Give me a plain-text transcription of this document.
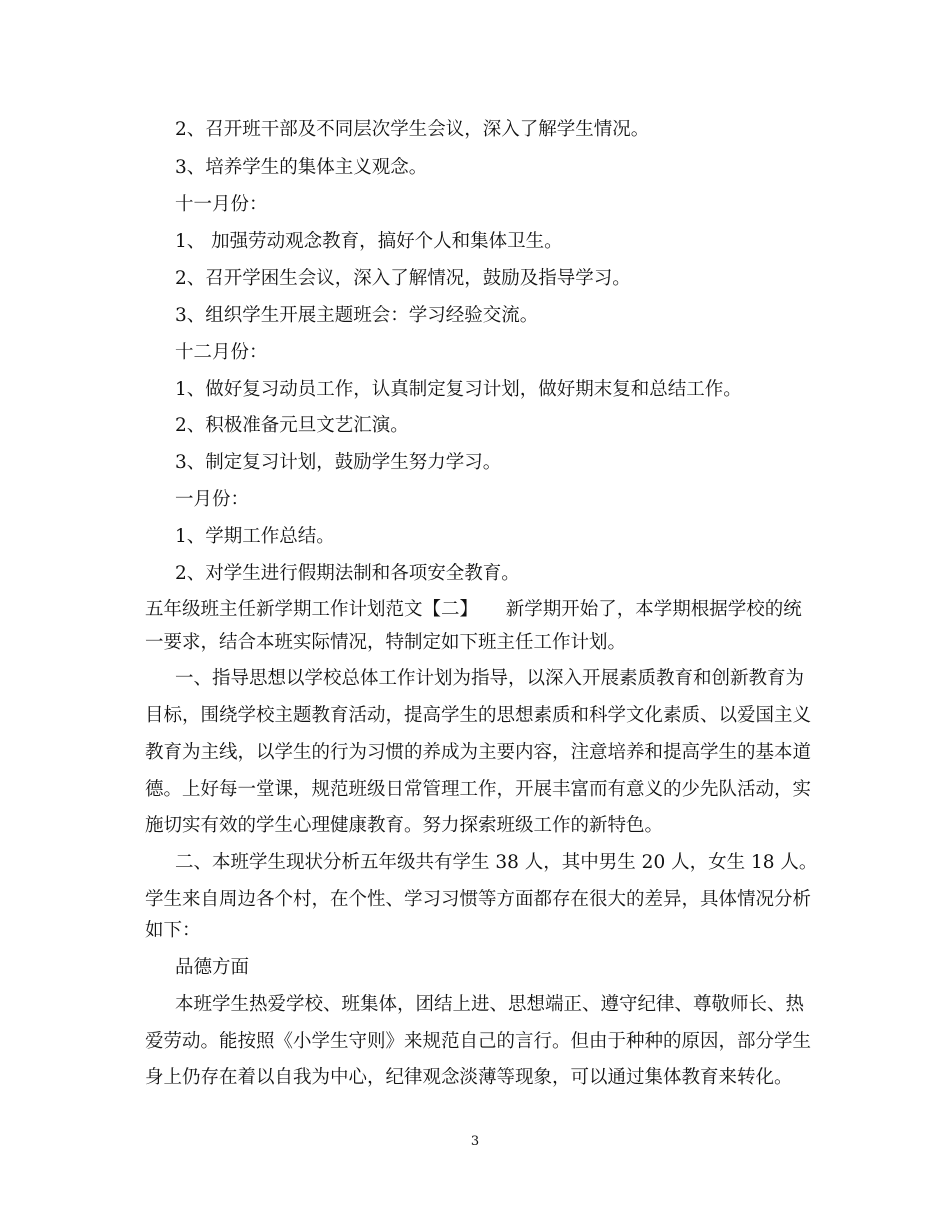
2、召开班干部及不同层次学生会议，深入了解学生情况。
3、培养学生的集体主义观念。
十一月份：
1、 加强劳动观念教育，搞好个人和集体卫生。
2、召开学困生会议，深入了解情况，鼓励及指导学习。
3、组织学生开展主题班会：学习经验交流。
十二月份：
1、做好复习动员工作，认真制定复习计划，做好期末复和总结工作。
2、积极准备元旦文艺汇演。
3、制定复习计划，鼓励学生努力学习。
一月份：
1、学期工作总结。
2、对学生进行假期法制和各项安全教育。
五年级班主任新学期工作计划范文【二】　　新学期开始了，本学期根据学校的统
一要求，结合本班实际情况，特制定如下班主任工作计划。
一、指导思想以学校总体工作计划为指导，以深入开展素质教育和创新教育为
目标，围绕学校主题教育活动，提高学生的思想素质和科学文化素质、以爱国主义
教育为主线，以学生的行为习惯的养成为主要内容，注意培养和提高学生的基本道
德。上好每一堂课，规范班级日常管理工作，开展丰富而有意义的少先队活动，实
施切实有效的学生心理健康教育。努力探索班级工作的新特色。
二、本班学生现状分析五年级共有学生 38 人，其中男生 20 人，女生 18 人。
学生来自周边各个村，在个性、学习习惯等方面都存在很大的差异，具体情况分析
如下：
品德方面
本班学生热爱学校、班集体，团结上进、思想端正、遵守纪律、尊敬师长、热
爱劳动。能按照《小学生守则》来规范自己的言行。但由于种种的原因，部分学生
身上仍存在着以自我为中心，纪律观念淡薄等现象，可以通过集体教育来转化。
3
